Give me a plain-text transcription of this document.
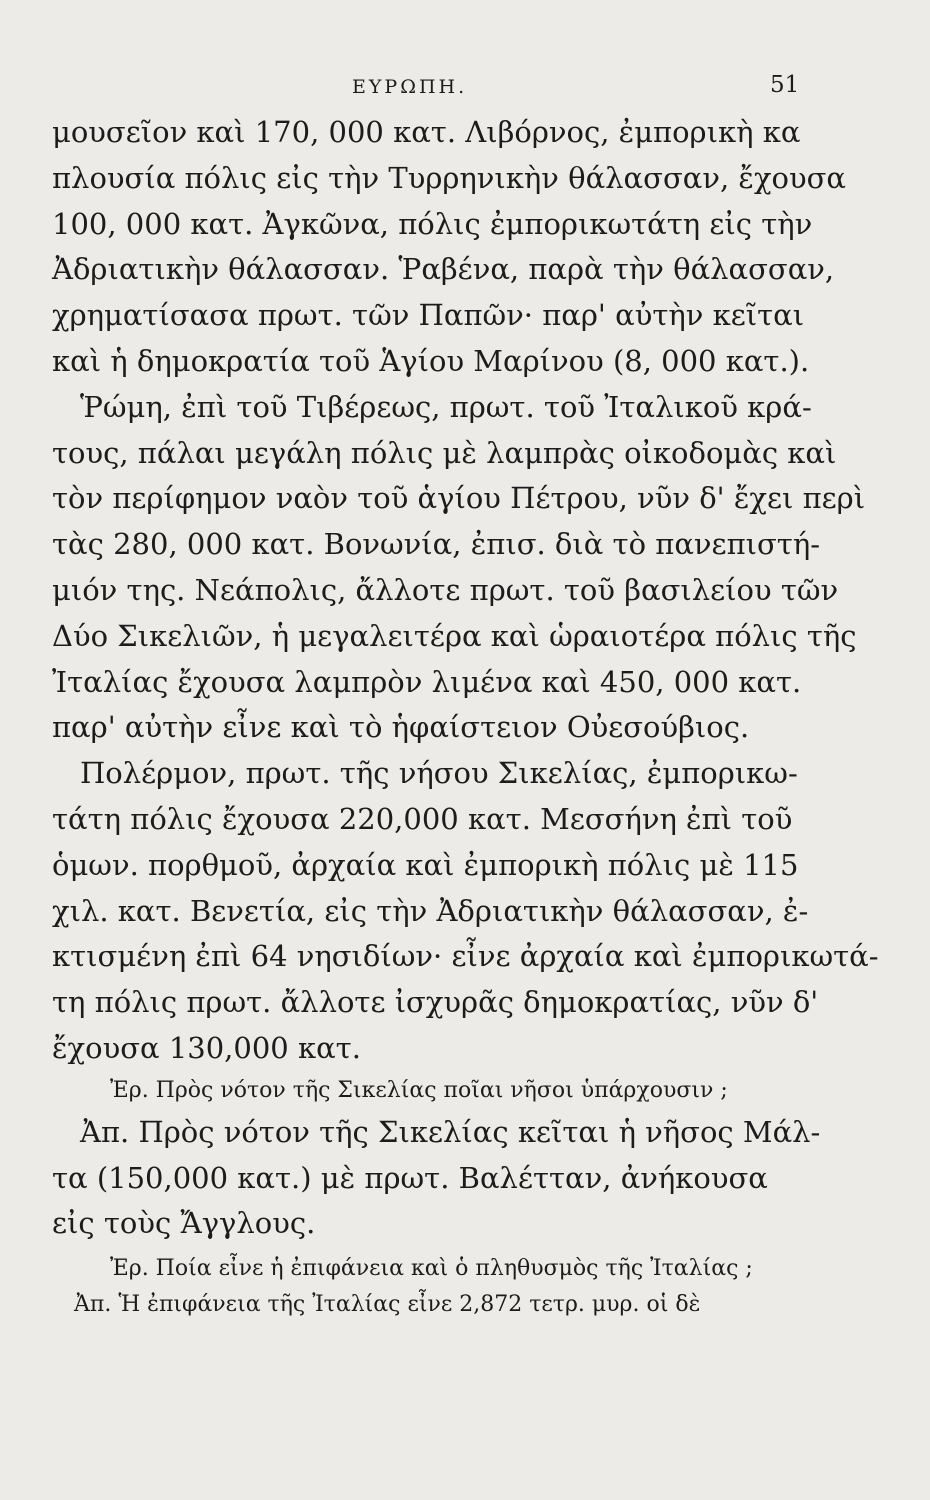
ΕΥΡΩΠΗ.	51
μουσεῖον καὶ 170, 000 κατ. Λιβόρνος, ἐμπορικὴ κα
πλουσία πόλις εἰς τὴν Τυρρηνικὴν θάλασσαν, ἔχουσα
100, 000 κατ. Ἀγκῶνα, πόλις ἐμπορικωτάτη εἰς τὴν
Ἀδριατικὴν θάλασσαν. Ῥαβένα, παρὰ τὴν θάλασσαν,
χρηματίσασα πρωτ. τῶν Παπῶν· παρ' αὐτὴν κεῖται
καὶ ἡ δημοκρατία τοῦ Ἁγίου Μαρίνου (8, 000 κατ.).
Ῥώμη, ἐπὶ τοῦ Τιβέρεως, πρωτ. τοῦ Ἰταλικοῦ κρά-
τους, πάλαι μεγάλη πόλις μὲ λαμπρὰς οἰκοδομὰς καὶ
τὸν περίφημον ναὸν τοῦ ἁγίου Πέτρου, νῦν δ' ἔχει περὶ
τὰς 280, 000 κατ. Βονωνία, ἐπισ. διὰ τὸ πανεπιστή-
μιόν της. Νεάπολις, ἄλλοτε πρωτ. τοῦ βασιλείου τῶν
Δύο Σικελιῶν, ἡ μεγαλειτέρα καὶ ὡραιοτέρα πόλις τῆς
Ἰταλίας ἔχουσα λαμπρὸν λιμένα καὶ 450, 000 κατ.
παρ' αὐτὴν εἶνε καὶ τὸ ἡφαίστειον Οὐεσούβιος.
Πολέρμον, πρωτ. τῆς νήσου Σικελίας, ἐμπορικω-
τάτη πόλις ἔχουσα 220,000 κατ. Μεσσήνη ἐπὶ τοῦ
ὁμων. πορθμοῦ, ἀρχαία καὶ ἐμπορικὴ πόλις μὲ 115
χιλ. κατ. Βενετία, εἰς τὴν Ἀδριατικὴν θάλασσαν, ἐ-
κτισμένη ἐπὶ 64 νησιδίων· εἶνε ἀρχαία καὶ ἐμπορικωτά-
τη πόλις πρωτ. ἄλλοτε ἰσχυρᾶς δημοκρατίας, νῦν δ'
ἔχουσα 130,000 κατ.
Ἐρ. Πρὸς νότον τῆς Σικελίας ποῖαι νῆσοι ὑπάρχουσιν ;
Ἀπ. Πρὸς νότον τῆς Σικελίας κεῖται ἡ νῆσος Μάλ-
τα (150,000 κατ.) μὲ πρωτ. Βαλέτταν, ἀνήκουσα
εἰς τοὺς Ἄγγλους.
Ἐρ. Ποία εἶνε ἡ ἐπιφάνεια καὶ ὁ πληθυσμὸς τῆς Ἰταλίας ;
Ἀπ. Ἡ ἐπιφάνεια τῆς Ἰταλίας εἶνε 2,872 τετρ. μυρ. οἱ δὲ
